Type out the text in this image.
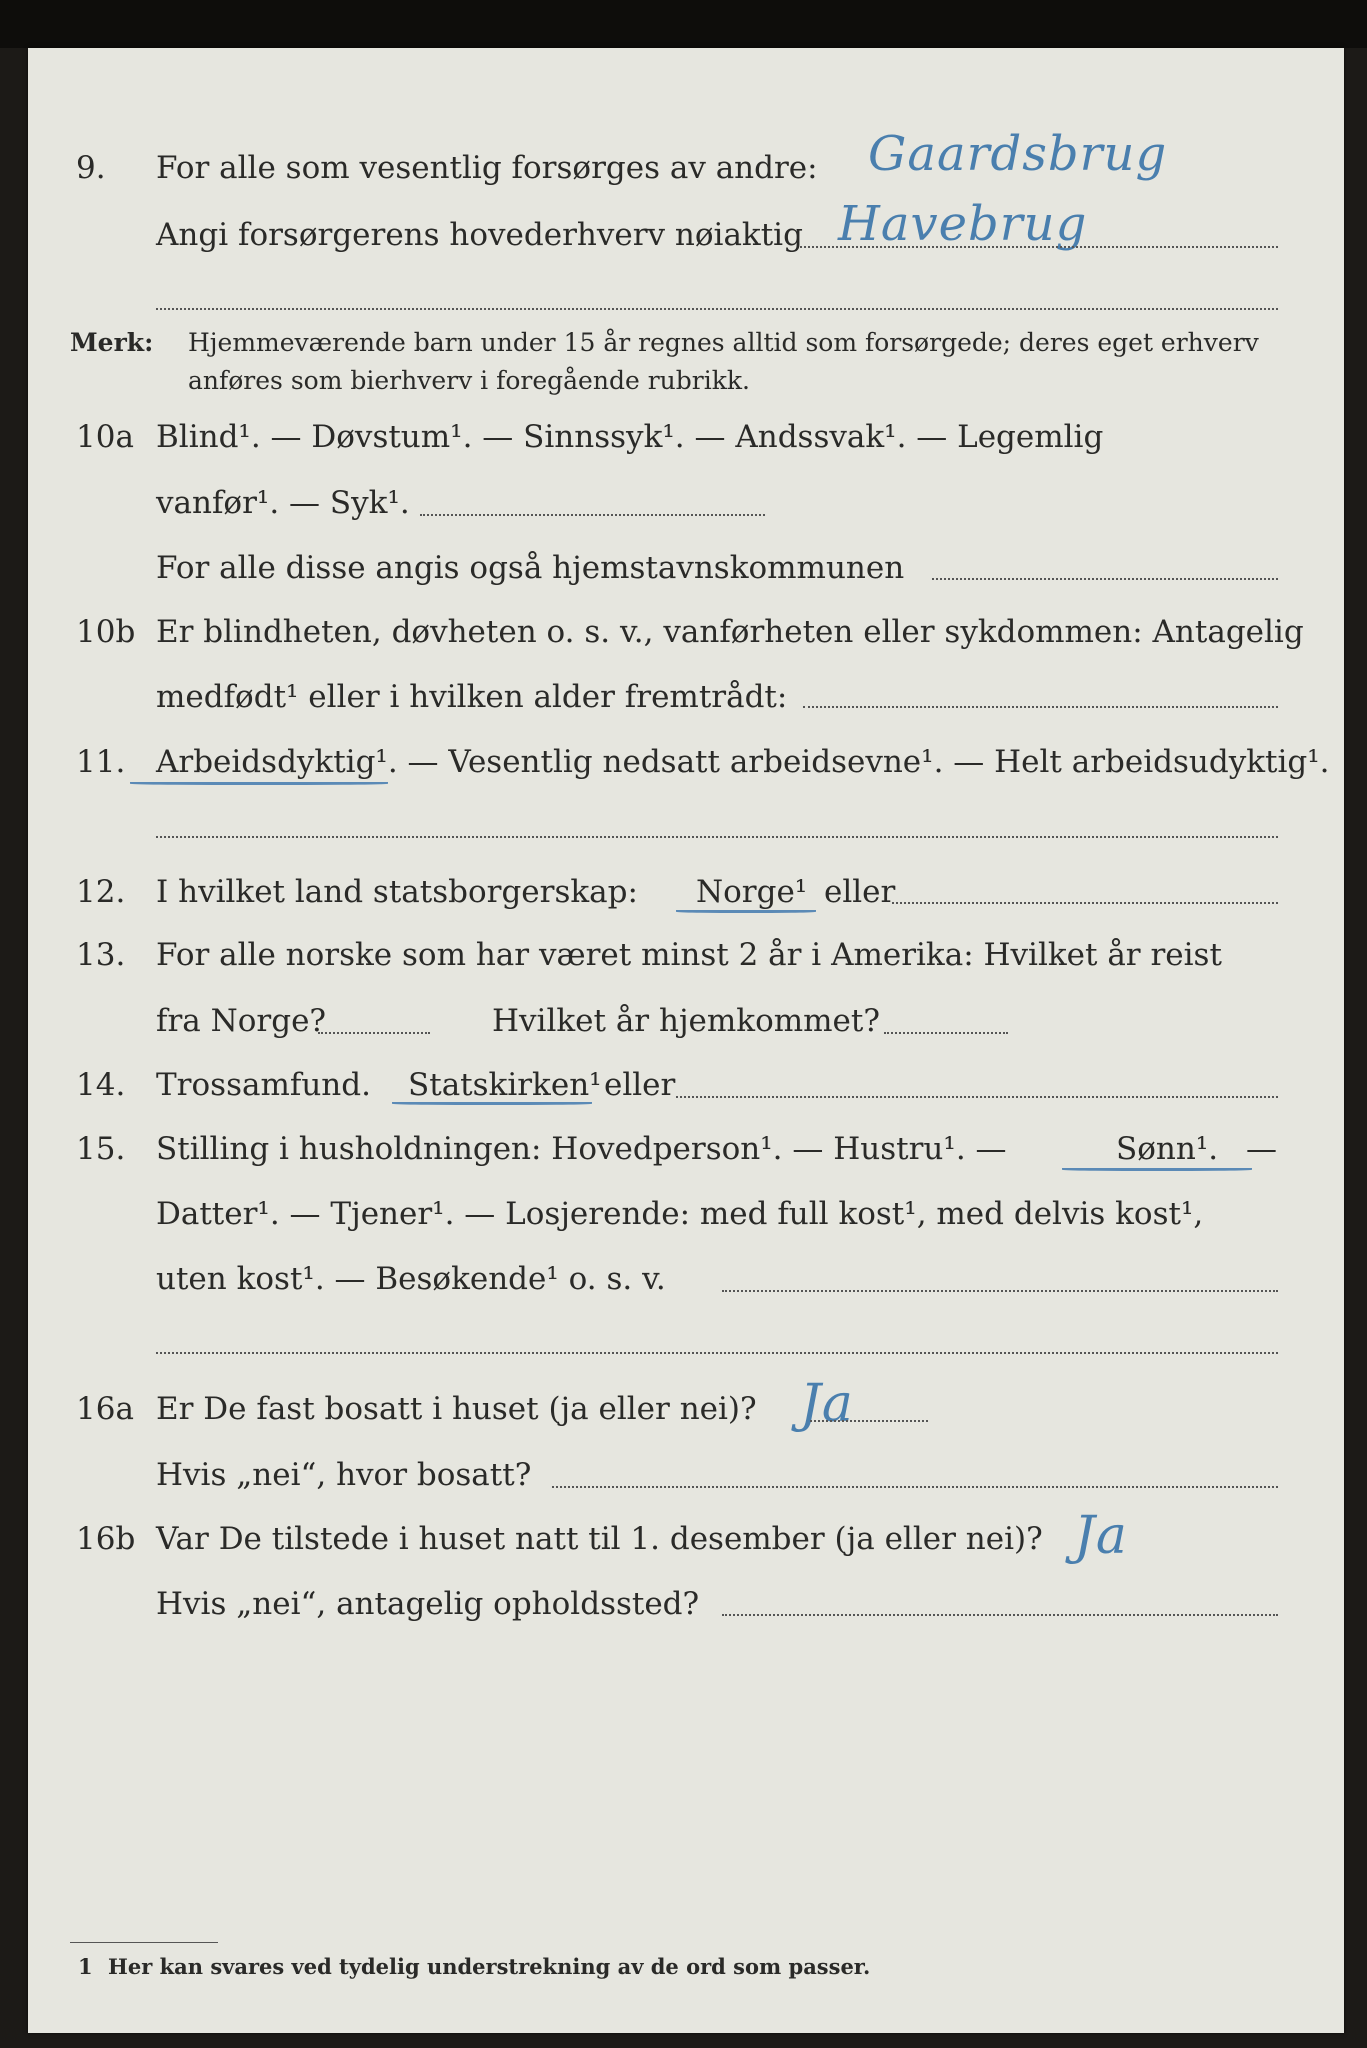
9. For alle som vesentlig forsørges av andre: Gaardsbrug
Angi forsørgerens hovederhverv nøiaktig Havebrug
Merk: Hjemmeværende barn under 15 år regnes alltid som forsørgede; deres eget erhverv
anføres som bierhverv i foregående rubrikk.
10a Blind¹. — Døvstum¹. — Sinnssyk¹. — Andssvak¹. — Legemlig
vanfør¹. — Syk¹.
For alle disse angis også hjemstavnskommunen
10b Er blindheten, døvheten o. s. v., vanførheten eller sykdommen: Antagelig
medfødt¹ eller i hvilken alder fremtrådt:
11. Arbeidsdyktig¹. — Vesentlig nedsatt arbeidsevne¹. — Helt arbeidsudyktig¹.
12. I hvilket land statsborgerskap: Norge¹ eller
13. For alle norske som har været minst 2 år i Amerika: Hvilket år reist
fra Norge?	Hvilket år hjemkommet?
14. Trossamfund. Statskirken¹ eller
15. Stilling i husholdningen: Hovedperson¹. — Hustru¹. —	Sønn¹. —
Datter¹. — Tjener¹. — Losjerende: med full kost¹, med delvis kost¹,
uten kost¹. — Besøkende¹ o. s. v.
16a Er De fast bosatt i huset (ja eller nei)? Ja
Hvis „nei“, hvor bosatt?
16b Var De tilstede i huset natt til 1. desember (ja eller nei)? Ja
Hvis „nei“, antagelig opholdssted?
1 Her kan svares ved tydelig understrekning av de ord som passer.
